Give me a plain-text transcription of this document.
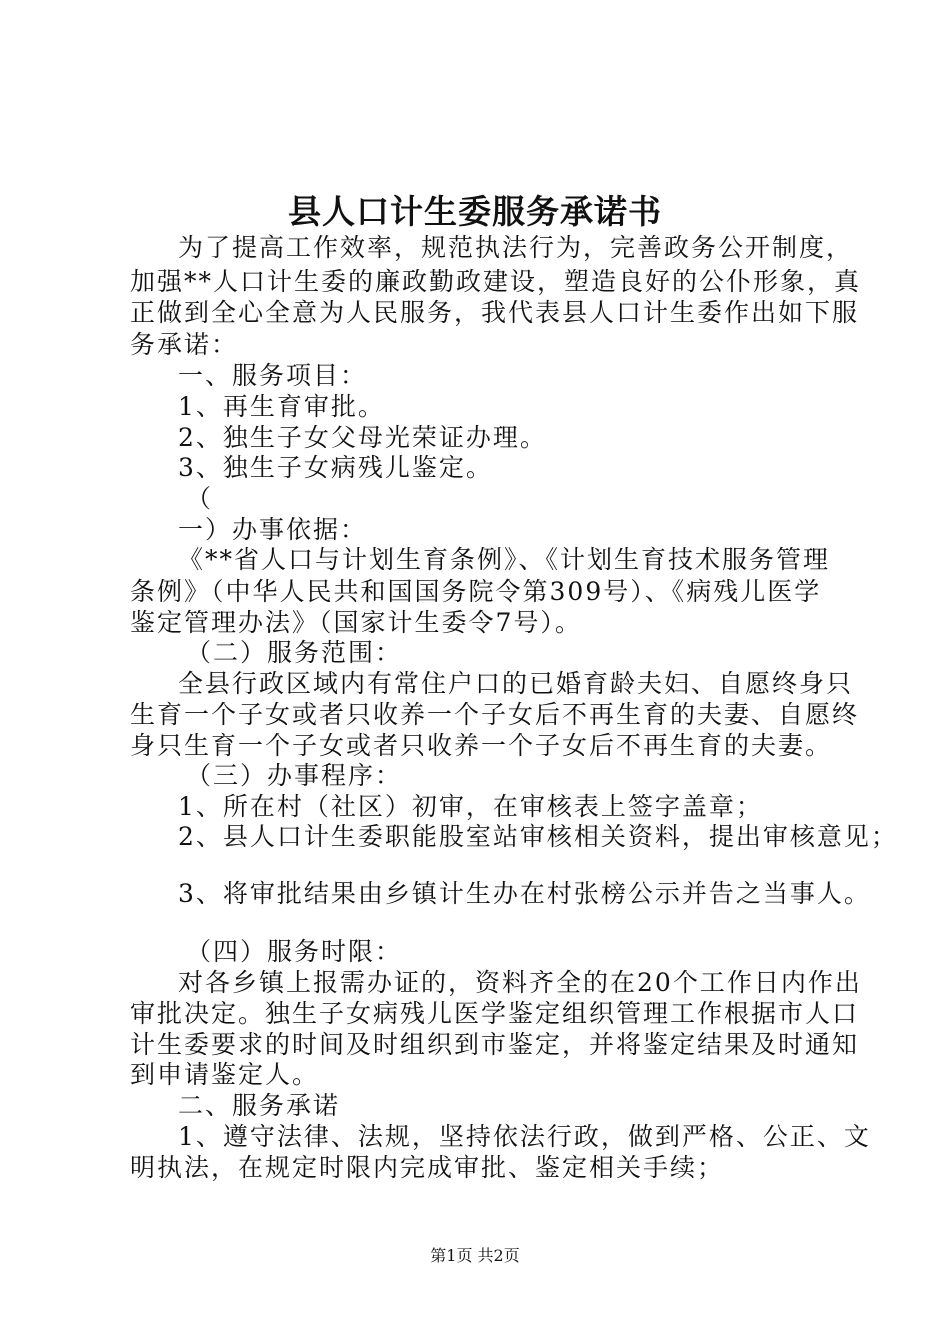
县人口计生委服务承诺书
为了提高工作效率，规范执法行为，完善政务公开制度，
加强**人口计生委的廉政勤政建设，塑造良好的公仆形象，真
正做到全心全意为人民服务，我代表县人口计生委作出如下服
务承诺：
一、服务项目：
1、再生育审批。
2、独生子女父母光荣证办理。
3、独生子女病残儿鉴定。
（
一）办事依据：
《**省人口与计划生育条例》、《计划生育技术服务管理
条例》（中华人民共和国国务院令第309号）、《病残儿医学
鉴定管理办法》（国家计生委令7号）。
（二）服务范围：
全县行政区域内有常住户口的已婚育龄夫妇、自愿终身只
生育一个子女或者只收养一个子女后不再生育的夫妻、自愿终
身只生育一个子女或者只收养一个子女后不再生育的夫妻。
（三）办事程序：
1、所在村（社区）初审，在审核表上签字盖章；
2、县人口计生委职能股室站审核相关资料，提出审核意见；
3、将审批结果由乡镇计生办在村张榜公示并告之当事人。
（四）服务时限：
对各乡镇上报需办证的，资料齐全的在20个工作日内作出
审批决定。独生子女病残儿医学鉴定组织管理工作根据市人口
计生委要求的时间及时组织到市鉴定，并将鉴定结果及时通知
到申请鉴定人。
二、服务承诺
1、遵守法律、法规，坚持依法行政，做到严格、公正、文
明执法，在规定时限内完成审批、鉴定相关手续；
第1页 共2页
